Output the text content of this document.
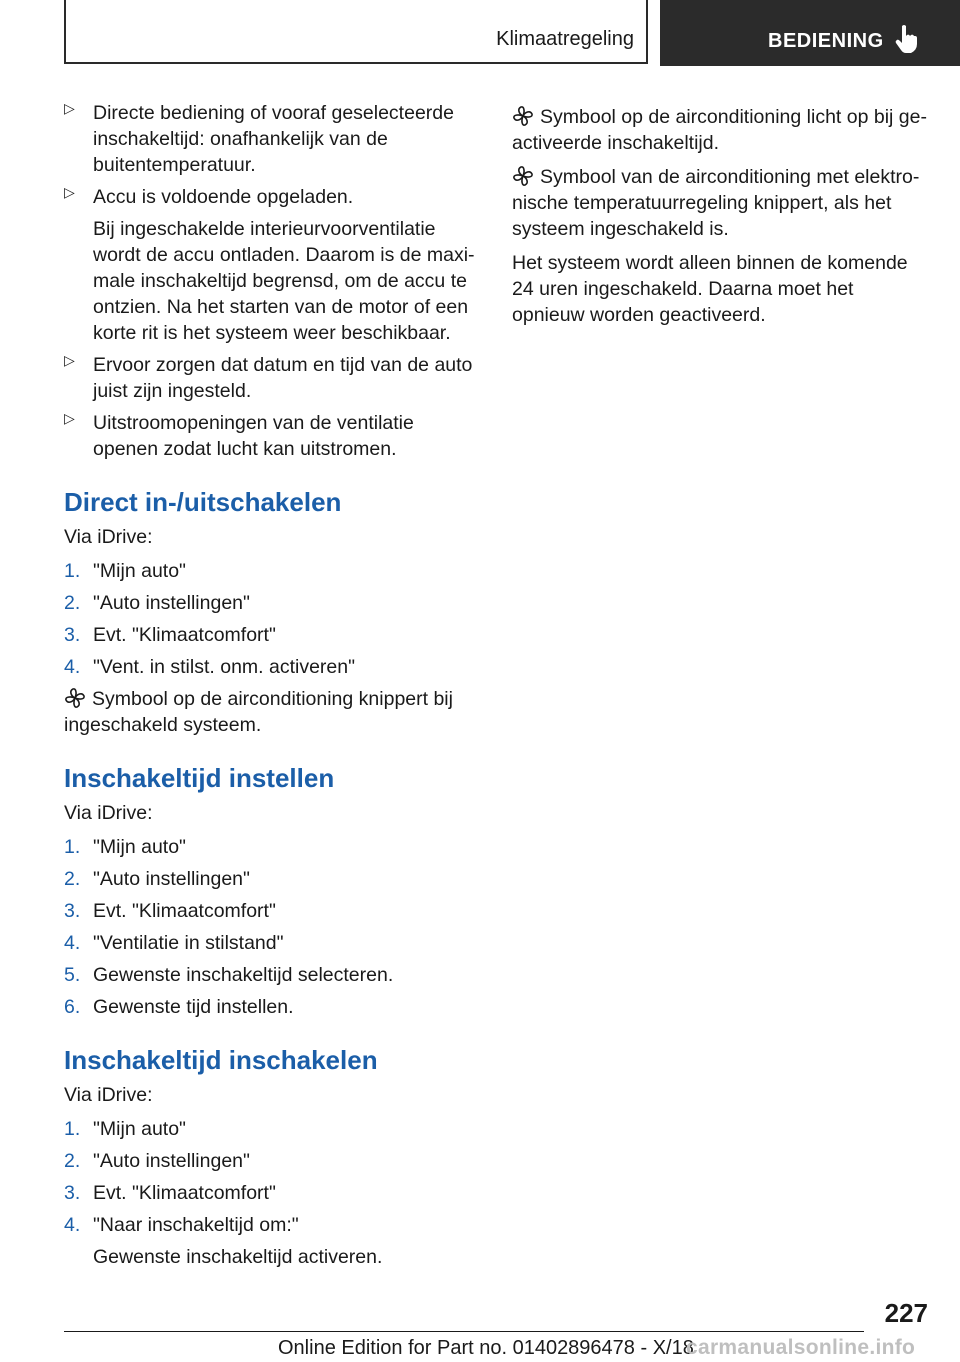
Klimaatregeling	BEDIENING
▷ Directe bediening of vooraf geselecteerde inschakeltijd: onafhankelijk van de buitentemperatuur.

▷ Accu is voldoende opgeladen.

Bij ingeschakelde interieurvoorventilatie wordt de accu ontladen. Daarom is de maximale inschakeltijd begrensd, om de accu te ontzien. Na het starten van de motor of een korte rit is het systeem weer beschikbaar.

▷ Ervoor zorgen dat datum en tijd van de auto juist zijn ingesteld.

▷ Uitstroomopeningen van de ventilatie openen zodat lucht kan uitstromen.

Direct in-/uitschakelen

Via iDrive:

1. "Mijn auto"
2. "Auto instellingen"
3. Evt. "Klimaatcomfort"
4. "Vent. in stilst. onm. activeren"

Symbool op de airconditioning knippert bij ingeschakeld systeem.

Inschakeltijd instellen

Via iDrive:

1. "Mijn auto"
2. "Auto instellingen"
3. Evt. "Klimaatcomfort"
4. "Ventilatie in stilstand"
5. Gewenste inschakeltijd selecteren.
6. Gewenste tijd instellen.
Inschakeltijd inschakelen

Via iDrive:

1. "Mijn auto"
2. "Auto instellingen"
3. Evt. "Klimaatcomfort"
4. "Naar inschakeltijd om:"
Gewenste inschakeltijd activeren.

Symbool op de airconditioning licht op bij geactiveerde inschakeltijd.

Symbool van de airconditioning met elektronische temperatuurregeling knippert, als het systeem ingeschakeld is.

Het systeem wordt alleen binnen de komende 24 uren ingeschakeld. Daarna moet het opnieuw worden geactiveerd.

227
Online Edition for Part no. 01402896478 - X/18
carmanualsonline.info
